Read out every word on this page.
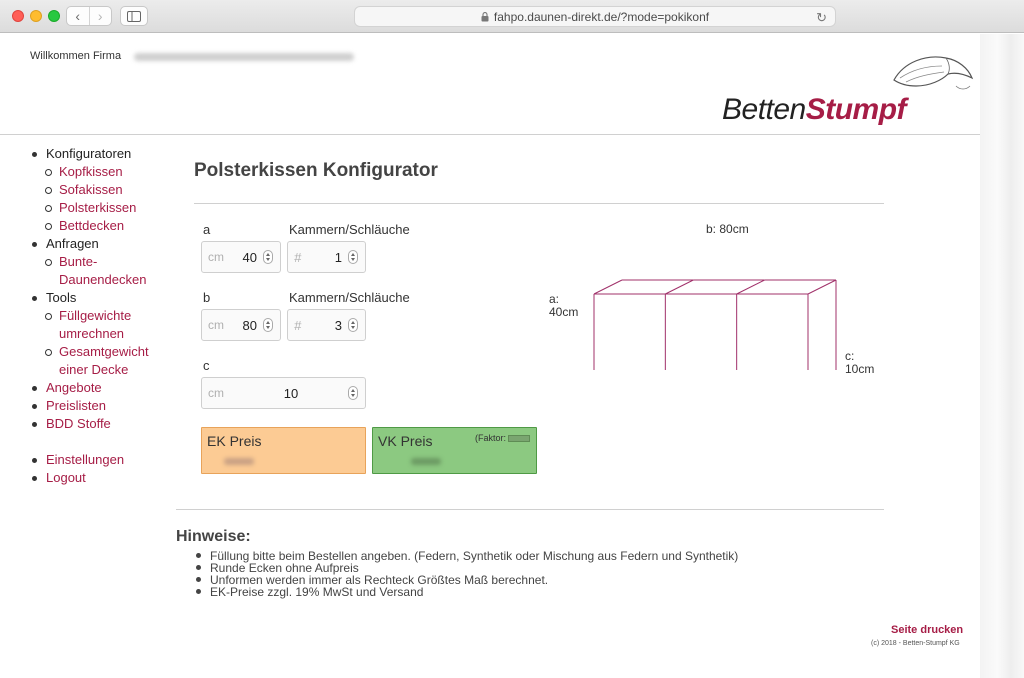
‹ ›	fahpo.daunen-direkt.de/?mode=pokikonf	↻
Willkommen Firma
BettenStumpf
Konfiguratoren
Kopfkissen
Sofakissen
Polsterkissen
Bettdecken
Anfragen
Bunte-
Daunendecken
Tools
Füllgewichte
umrechnen
Gesamtgewicht
einer Decke
Angebote
Preislisten
BDD Stoffe
Einstellungen
Logout
Polsterkissen Konfigurator
a	Kammern/Schläuche
cm	40	#	1
b	Kammern/Schläuche
cm	80	#	3
c
cm	10
EK Preis	VK Preis	(Faktor:
b: 80cm
a:
40cm
c:
10cm
Hinweise:
Füllung bitte beim Bestellen angeben. (Federn, Synthetik oder Mischung aus Federn und Synthetik)
Runde Ecken ohne Aufpreis
Unformen werden immer als Rechteck Größtes Maß berechnet.
EK-Preise zzgl. 19% MwSt und Versand
Seite drucken
(c) 2018 - Betten-Stumpf KG
